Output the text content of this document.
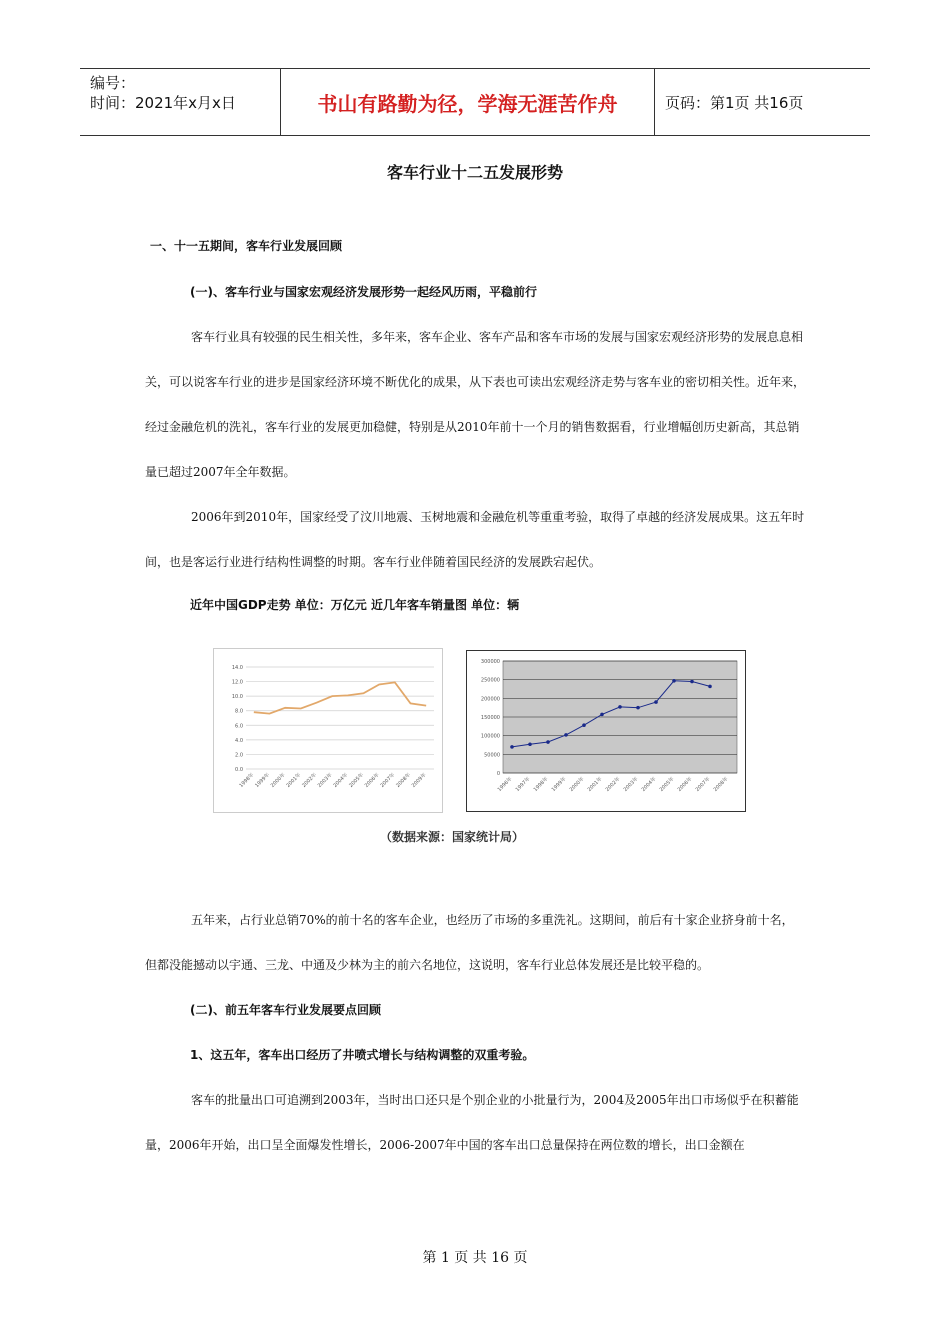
编号：
时间：2021年x月x日	书山有路勤为径，学海无涯苦作舟	页码：第1页 共16页
客车行业十二五发展形势
一、十一五期间，客车行业发展回顾
(一)、客车行业与国家宏观经济发展形势一起经风历雨，平稳前行
客车行业具有较强的民生相关性，多年来，客车企业、客车产品和客车市场的发展与国家宏观经济形势的发展息息相关，可以说客车行业的进步是国家经济环境不断优化的成果，从下表也可读出宏观经济走势与客车业的密切相关性。近年来，经过金融危机的洗礼，客车行业的发展更加稳健，特别是从2010年前十一个月的销售数据看，行业增幅创历史新高，其总销量已超过2007年全年数据。
2006年到2010年，国家经受了汶川地震、玉树地震和金融危机等重重考验，取得了卓越的经济发展成果。这五年时间，也是客运行业进行结构性调整的时期。客车行业伴随着国民经济的发展跌宕起伏。
近年中国GDP走势 单位：万亿元 近几年客车销量图 单位：辆
0.0
2.0
4.0
6.0
8.0
10.0
12.0
14.0
1998年
1999年
2000年
2001年
2002年
2003年
2004年
2005年
2006年
2007年
2008年
2009年	0
50000
100000
150000
200000
250000
300000
1996年 1997年 1998年 1999年 2000年 2001年 2002年 2003年 2004年 2005年 2006年 2007年 2008年
（数据来源：国家统计局）
五年来，占行业总销70%的前十名的客车企业，也经历了市场的多重洗礼。这期间，前后有十家企业挤身前十名，但都没能撼动以宇通、三龙、中通及少林为主的前六名地位，这说明，客车行业总体发展还是比较平稳的。
(二)、前五年客车行业发展要点回顾
1、这五年，客车出口经历了井喷式增长与结构调整的双重考验。
客车的批量出口可追溯到2003年，当时出口还只是个别企业的小批量行为，2004及2005年出口市场似乎在积蓄能量，2006年开始，出口呈全面爆发性增长，2006-2007年中国的客车出口总量保持在两位数的增长，出口金额在
第 1 页 共 16 页
